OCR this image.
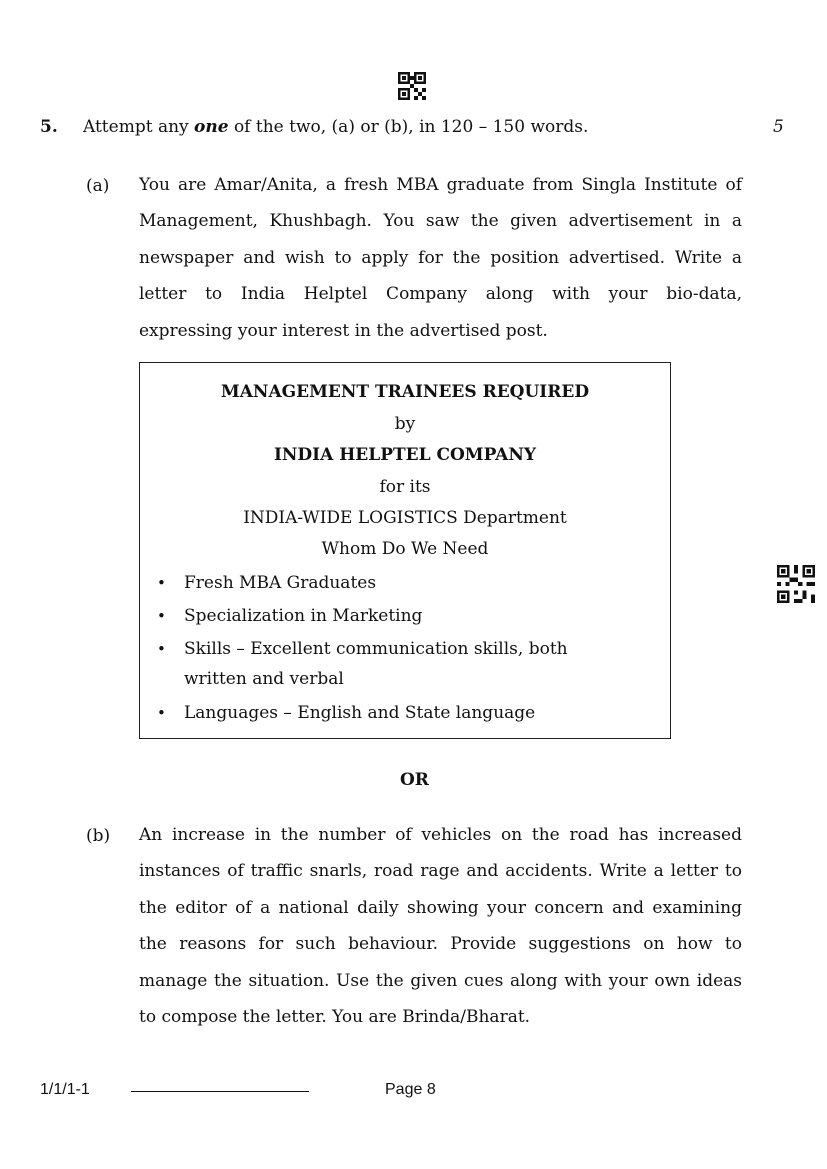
5. Attempt any one of the two, (a) or (b), in 120 – 150 words.	5
(a) You are Amar/Anita, a fresh MBA graduate from Singla Institute of
Management, Khushbagh. You saw the given advertisement in a
newspaper and wish to apply for the position advertised. Write a
letter to India Helptel Company along with your bio-data,
expressing your interest in the advertised post.
MANAGEMENT TRAINEES REQUIRED
by
INDIA HELPTEL COMPANY
for its
INDIA-WIDE LOGISTICS Department
Whom Do We Need
• Fresh MBA Graduates
• Specialization in Marketing
• Skills – Excellent communication skills, both
written and verbal
• Languages – English and State language
OR
(b) An increase in the number of vehicles on the road has increased
instances of traffic snarls, road rage and accidents. Write a letter to
the editor of a national daily showing your concern and examining
the reasons for such behaviour. Provide suggestions on how to
manage the situation. Use the given cues along with your own ideas
to compose the letter. You are Brinda/Bharat.
1/1/1-1	Page 8
